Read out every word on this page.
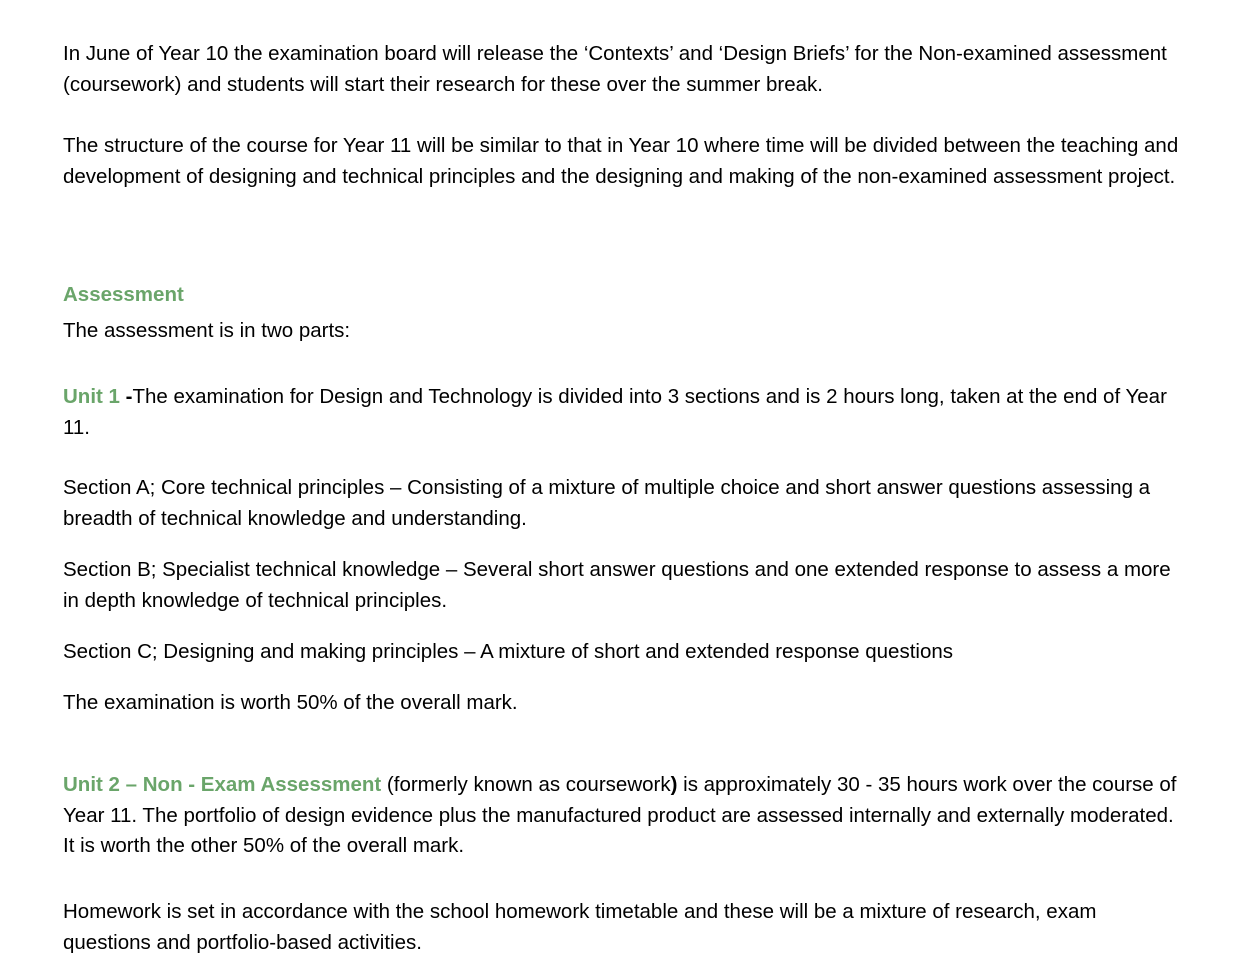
In June of Year 10 the examination board will release the ‘Contexts’ and ‘Design Briefs’ for the Non-examined assessment (coursework) and students will start their research for these over the summer break.

The structure of the course for Year 11 will be similar to that in Year 10 where time will be divided between the teaching and development of designing and technical principles and the designing and making of the non-examined assessment project.

Assessment

The assessment is in two parts:

Unit 1 -The examination for Design and Technology is divided into 3 sections and is 2 hours long, taken at the end of Year 11.

Section A; Core technical principles – Consisting of a mixture of multiple choice and short answer questions assessing a breadth of technical knowledge and understanding.

Section B; Specialist technical knowledge – Several short answer questions and one extended response to assess a more in depth knowledge of technical principles.

Section C; Designing and making principles – A mixture of short and extended response questions

The examination is worth 50% of the overall mark.

Unit 2 – Non - Exam Assessment (formerly known as coursework) is approximately 30 - 35 hours work over the course of Year 11. The portfolio of design evidence plus the manufactured product are assessed internally and externally moderated. It is worth the other 50% of the overall mark.

Homework is set in accordance with the school homework timetable and these will be a mixture of research, exam questions and portfolio-based activities.
